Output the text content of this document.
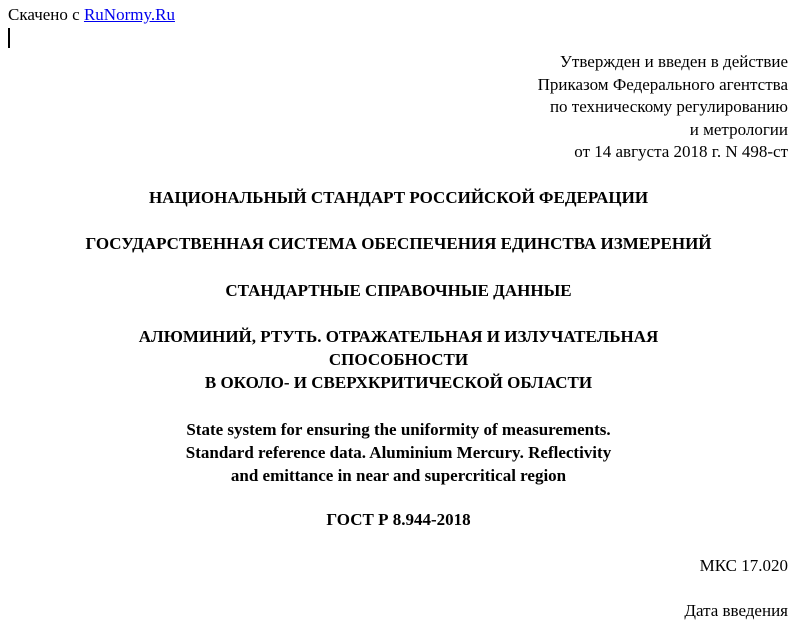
Скачено с RuNormy.Ru
Утвержден и введен в действие
Приказом Федерального агентства
по техническому регулированию
и метрологии
от 14 августа 2018 г. N 498-ст
НАЦИОНАЛЬНЫЙ СТАНДАРТ РОССИЙСКОЙ ФЕДЕРАЦИИ
ГОСУДАРСТВЕННАЯ СИСТЕМА ОБЕСПЕЧЕНИЯ ЕДИНСТВА ИЗМЕРЕНИЙ
СТАНДАРТНЫЕ СПРАВОЧНЫЕ ДАННЫЕ
АЛЮМИНИЙ, РТУТЬ. ОТРАЖАТЕЛЬНАЯ И ИЗЛУЧАТЕЛЬНАЯ
СПОСОБНОСТИ
В ОКОЛО- И СВЕРХКРИТИЧЕСКОЙ ОБЛАСТИ
State system for ensuring the uniformity of measurements.
Standard reference data. Aluminium Mercury. Reflectivity
and emittance in near and supercritical region
ГОСТ Р 8.944-2018
МКС 17.020
Дата введения
